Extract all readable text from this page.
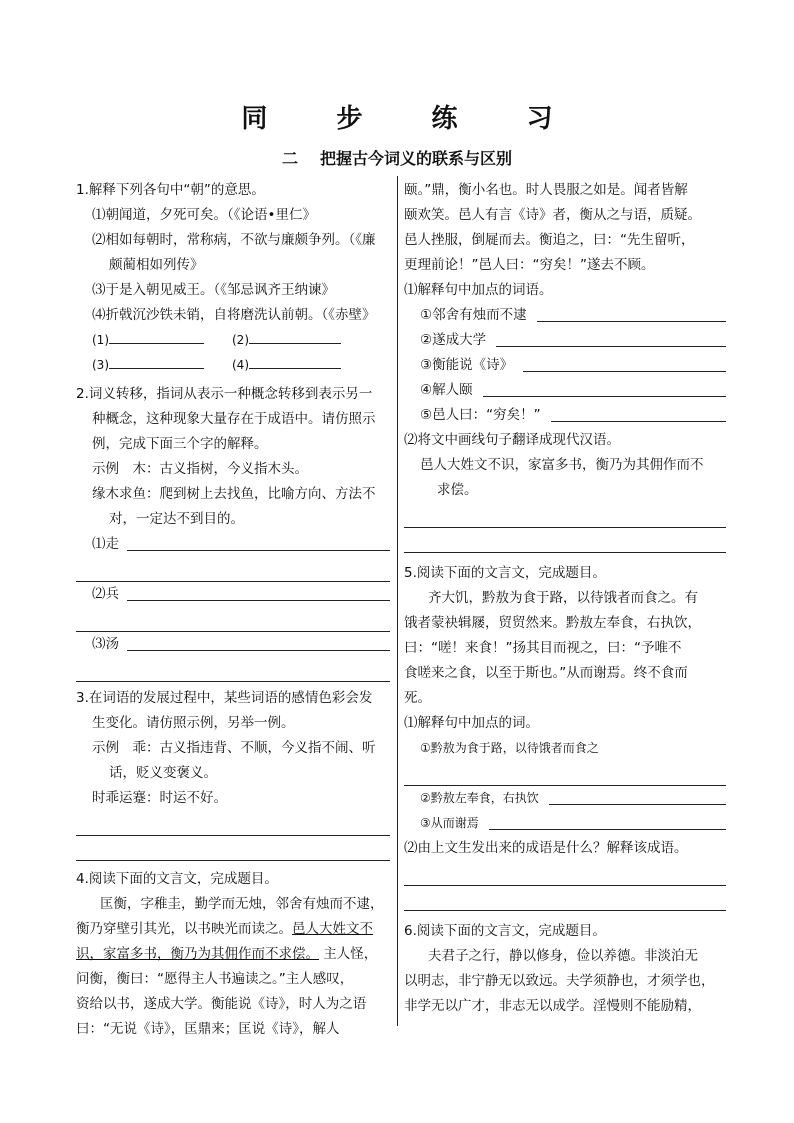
同 步 练 习
二 把握古今词义的联系与区别
1.解释下列各句中“朝”的意思。
⑴朝闻道，夕死可矣。（《论语•里仁》
⑵相如每朝时，常称病，不欲与廉颇争列。（《廉
颇蔺相如列传》
⑶于是入朝见威王。（《邹忌讽齐王纳谏》
⑷折戟沉沙铁未销，自将磨洗认前朝。（《赤壁》
(1)	(2)
(3)	(4)
2.词义转移，指词从表示一种概念转移到表示另一
种概念，这种现象大量存在于成语中。请仿照示
例，完成下面三个字的解释。
示例　木：古义指树，今义指木头。
缘木求鱼：爬到树上去找鱼，比喻方向、方法不
对，一定达不到目的。
⑴走
⑵兵
⑶汤
3.在词语的发展过程中，某些词语的感情色彩会发
生变化。请仿照示例，另举一例。
示例　乖：古义指违背、不顺，今义指不闹、听
话，贬义变褒义。
时乖运蹇：时运不好。
4.阅读下面的文言文，完成题目。
匡衡，字稚圭，勤学而无烛，邻舍有烛而不逮，
衡乃穿壁引其光，以书映光而读之。邑人大姓文不
识，家富多书，衡乃为其佣作而不求偿。 主人怪，
问衡，衡曰：“愿得主人书遍读之。”主人感叹，
资给以书，遂成大学。衡能说《诗》，时人为之语
曰：“无说《诗》，匡鼎来；匡说《诗》，解人
颐。”鼎，衡小名也。时人畏服之如是。闻者皆解
颐欢笑。邑人有言《诗》者，衡从之与语，质疑。
邑人挫服，倒屣而去。衡追之，曰：“先生留听，
更理前论！”邑人曰：“穷矣！”遂去不顾。
⑴解释句中加点的词语。
①邻舍有烛而不逮
②遂成大学
③衡能说《诗》
④解人颐
⑤邑人曰：“穷矣！”
⑵将文中画线句子翻译成现代汉语。
邑人大姓文不识，家富多书，衡乃为其佣作而不
求偿。
5.阅读下面的文言文，完成题目。
齐大饥，黔敖为食于路，以待饿者而食之。有
饿者蒙袂辑屦，贸贸然来。黔敖左奉食，右执饮，
曰：“嗟！来食！”扬其目而视之，曰：“予唯不
食嗟来之食，以至于斯也。”从而谢焉。终不食而
死。
⑴解释句中加点的词。
①黔敖为食于路，以待饿者而食之
②黔敖左奉食，右执饮
③从而谢焉
⑵由上文生发出来的成语是什么？解释该成语。
6.阅读下面的文言文，完成题目。
夫君子之行，静以修身，俭以养德。非淡泊无
以明志，非宁静无以致远。夫学须静也，才须学也，
非学无以广才，非志无以成学。淫慢则不能励精，
